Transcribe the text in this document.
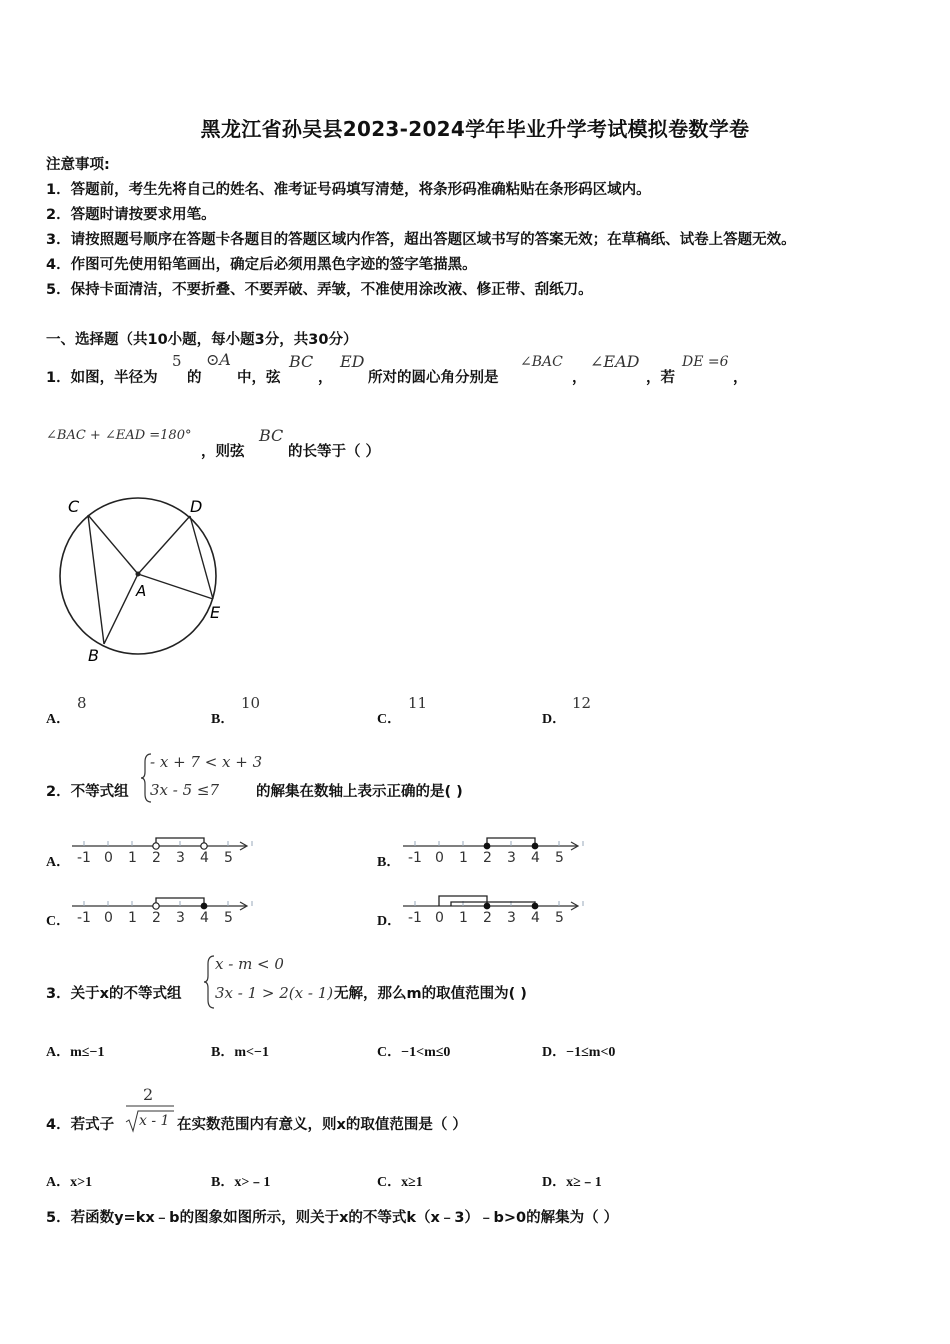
黑龙江省孙吴县2023-2024学年毕业升学考试模拟卷数学卷
注意事项:
1．答题前，考生先将自己的姓名、准考证号码填写清楚，将条形码准确粘贴在条形码区域内。
2．答题时请按要求用笔。
3．请按照题号顺序在答题卡各题目的答题区域内作答，超出答题区域书写的答案无效；在草稿纸、试卷上答题无效。
4．作图可先使用铅笔画出，确定后必须用黑色字迹的签字笔描黑。
5．保持卡面清洁，不要折叠、不要弄破、弄皱，不准使用涂改液、修正带、刮纸刀。
一、选择题（共10小题，每小题3分，共30分）
1．如图，半径为
5
的
⊙A
中，弦
BC
，
ED
所对的圆心角分别是
∠BAC
，
∠EAD
，若
DE =6
，
∠BAC + ∠EAD =180°
，则弦
BC
的长等于（ ）
C	D
A
E
B
A．
8
B．
10
C．
11
D．
12
2．不等式组
- x + 7 < x + 3
3x - 5 ≤7	的解集在数轴上表示正确的是( )
A．	B．
C．	D．
-1 0 1 2 3 4 5	-1 0 1 2 3 4 5
-1 0 1 2 3 4 5	-1 0 1 2 3 4 5
3．关于x的不等式组
x - m < 0
3x - 1 > 2(x - 1) 无解，那么m的取值范围为( )
A．m≤−1	B．m<−1	C．−1<m≤0	D．−1≤m<0
4．若式子
2
x - 1 在实数范围内有意义，则x的取值范围是（ ）
A．x>1	B．x>﹣1	C．x≥1	D．x≥﹣1
5．若函数y=kx﹣b的图象如图所示，则关于x的不等式k（x﹣3）﹣b>0的解集为（ ）
